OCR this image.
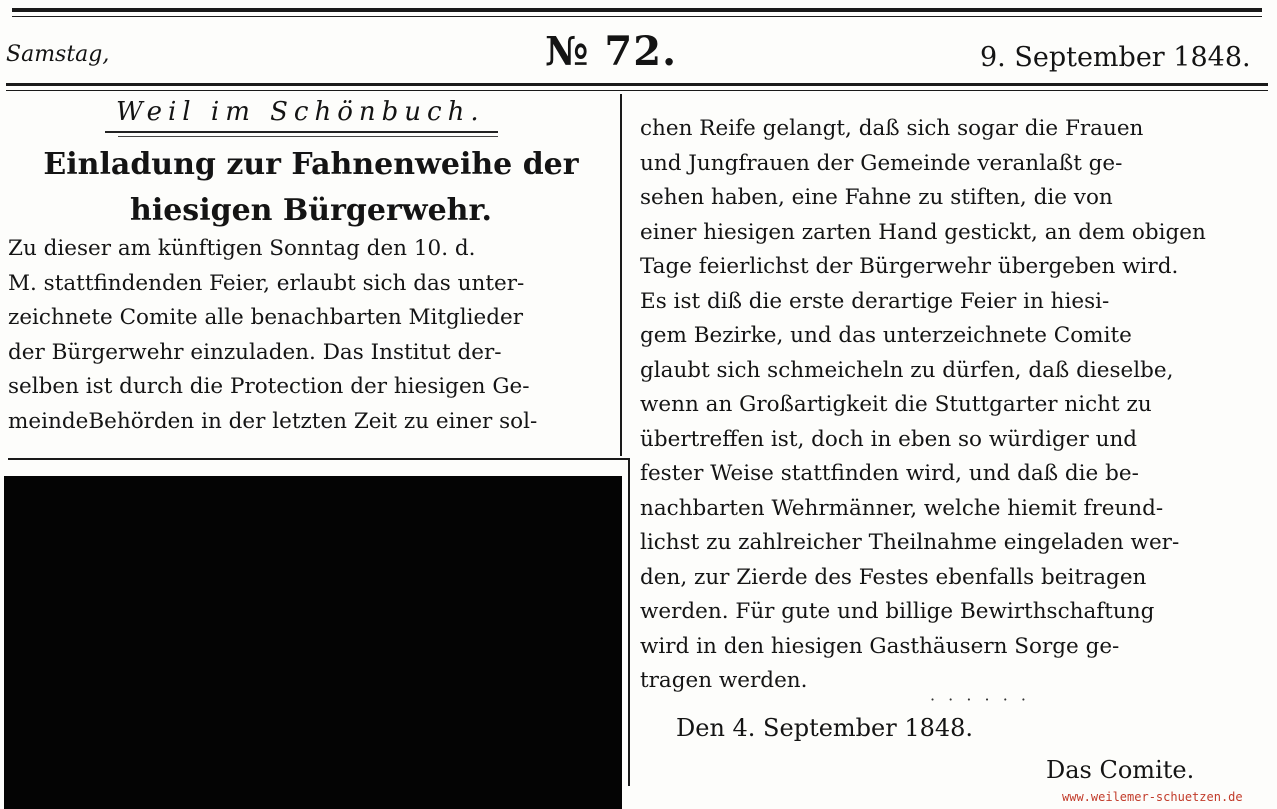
Samstag,	№ 72.	9. September 1848.
Weil im Schönbuch.
Einladung zur Fahnenweihe der
hiesigen Bürgerwehr.
Zu dieser am künftigen Sonntag den 10. d.
M. stattfindenden Feier, erlaubt sich das unter-
zeichnete Comite alle benachbarten Mitglieder
der Bürgerwehr einzuladen. Das Institut der-
selben ist durch die Protection der hiesigen Ge-
meindeBehörden in der letzten Zeit zu einer sol-
chen Reife gelangt, daß sich sogar die Frauen
und Jungfrauen der Gemeinde veranlaßt ge-
sehen haben, eine Fahne zu stiften, die von
einer hiesigen zarten Hand gestickt, an dem obigen
Tage feierlichst der Bürgerwehr übergeben wird.
Es ist diß die erste derartige Feier in hiesi-
gem Bezirke, und das unterzeichnete Comite
glaubt sich schmeicheln zu dürfen, daß dieselbe,
wenn an Großartigkeit die Stuttgarter nicht zu
übertreffen ist, doch in eben so würdiger und
fester Weise stattfinden wird, und daß die be-
nachbarten Wehrmänner, welche hiemit freund-
lichst zu zahlreicher Theilnahme eingeladen wer-
den, zur Zierde des Festes ebenfalls beitragen
werden. Für gute und billige Bewirthschaftung
wird in den hiesigen Gasthäusern Sorge ge-
tragen werden.
· · · · · ·
Den 4. September 1848.
Das Comite.
www.weilemer-schuetzen.de
